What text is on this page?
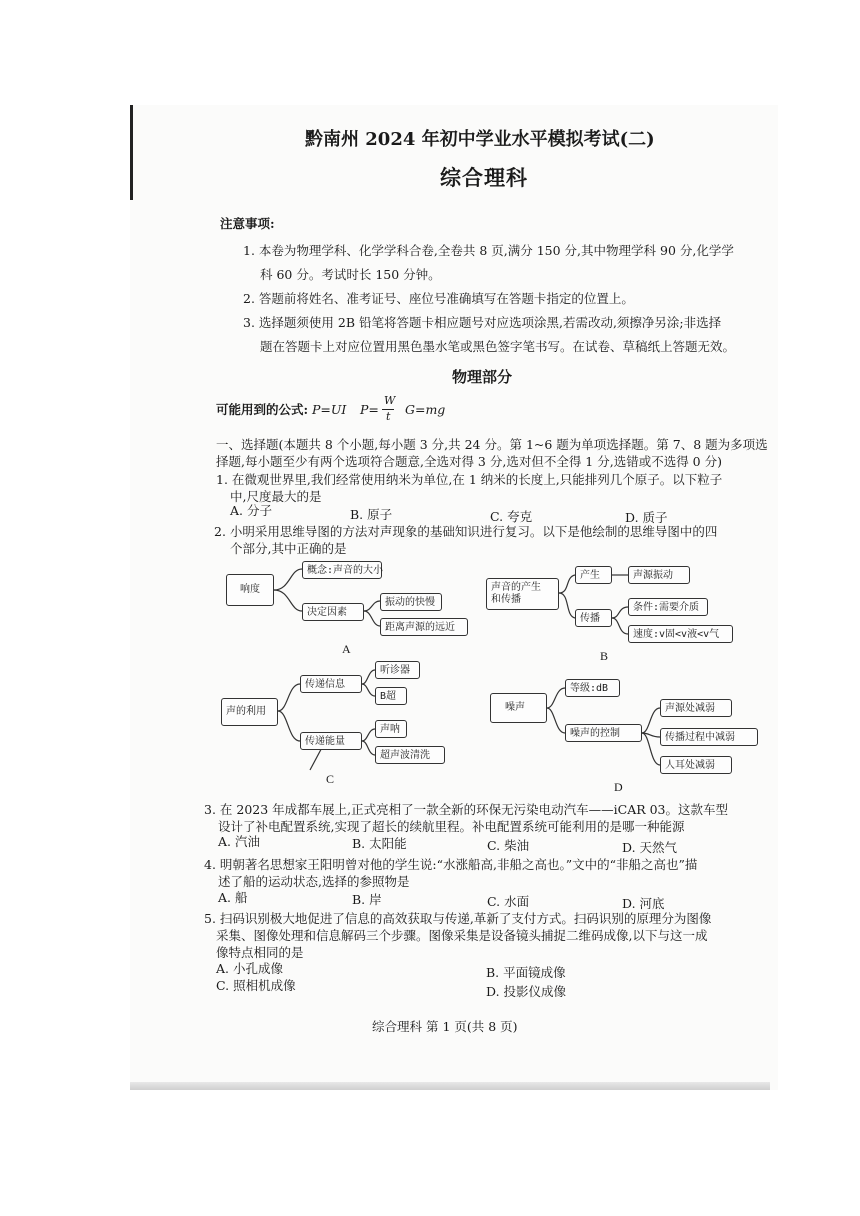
黔南州 2024 年初中学业水平模拟考试(二)
综合理科
注意事项:
1. 本卷为物理学科、化学学科合卷,全卷共 8 页,满分 150 分,其中物理学科 90 分,化学学
科 60 分。考试时长 150 分钟。
2. 答题前将姓名、准考证号、座位号准确填写在答题卡指定的位置上。
3. 选择题须使用 2B 铅笔将答题卡相应题号对应选项涂黑,若需改动,须擦净另涂;非选择
题在答题卡上对应位置用黑色墨水笔或黑色签字笔书写。在试卷、草稿纸上答题无效。
物理部分
可能用到的公式: P=UI P=
W
t G=mg
一、选择题(本题共 8 个小题,每小题 3 分,共 24 分。第 1~6 题为单项选择题。第 7、8 题为多项选
择题,每小题至少有两个选项符合题意,全选对得 3 分,选对但不全得 1 分,选错或不选得 0 分)
1. 在微观世界里,我们经常使用纳米为单位,在 1 纳米的长度上,只能排列几个原子。以下粒子
中,尺度最大的是
A. 分子	B. 原子	C. 夸克	D. 质子
2. 小明采用思维导图的方法对声现象的基础知识进行复习。以下是他绘制的思维导图中的四
个部分,其中正确的是
响度
概念:声音的大小
决定因素
振动的快慢
距离声源的远近
A
声音的产生
和传播
产生	声源振动
传播
条件:需要介质
速度:v固<v液<v气
B
声的利用
传递信息
听诊器
B超
传递能量
声呐
超声波清洗
C
噪声
等级:dB
噪声的控制
声源处减弱
传播过程中减弱
人耳处减弱
D
3. 在 2023 年成都车展上,正式亮相了一款全新的环保无污染电动汽车——iCAR 03。这款车型
设计了补电配置系统,实现了超长的续航里程。补电配置系统可能利用的是哪一种能源
A. 汽油	B. 太阳能	C. 柴油	D. 天然气
4. 明朝著名思想家王阳明曾对他的学生说:“水涨船高,非船之高也。”文中的“非船之高也”描
述了船的运动状态,选择的参照物是
A. 船	B. 岸	C. 水面	D. 河底
5. 扫码识别极大地促进了信息的高效获取与传递,革新了支付方式。扫码识别的原理分为图像
采集、图像处理和信息解码三个步骤。图像采集是设备镜头捕捉二维码成像,以下与这一成
像特点相同的是
A. 小孔成像	B. 平面镜成像
C. 照相机成像	D. 投影仪成像
综合理科 第 1 页(共 8 页)
